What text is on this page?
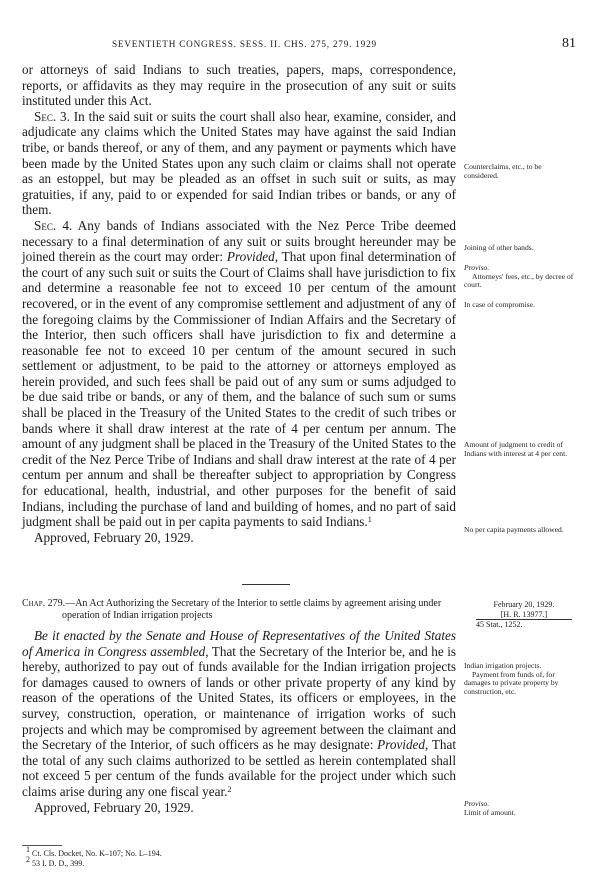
SEVENTIETH CONGRESS. SESS. II. CHS. 275, 279. 1929	81

or attorneys of said Indians to such treaties, papers, maps, correspondence, reports, or affidavits as they may require in the prosecution of any suit or suits instituted under this Act.

Sec. 3. In the said suit or suits the court shall also hear, examine, consider, and adjudicate any claims which the United States may have against the said Indian tribe, or bands thereof, or any of them, and any payment or payments which have been made by the United States upon any such claim or claims shall not operate as an estoppel, but may be pleaded as an offset in such suit or suits, as may gratuities, if any, paid to or expended for said Indian tribes or bands, or any of them.

Sec. 4. Any bands of Indians associated with the Nez Perce Tribe deemed necessary to a final determination of any suit or suits brought hereunder may be joined therein as the court may order: Provided, That upon final determination of the court of any such suit or suits the Court of Claims shall have jurisdiction to fix and determine a reasonable fee not to exceed 10 per centum of the amount recovered, or in the event of any compromise settlement and adjustment of any of the foregoing claims by the Commissioner of Indian Affairs and the Secretary of the Interior, then such officers shall have jurisdiction to fix and determine a reasonable fee not to exceed 10 per centum of the amount secured in such settlement or adjustment, to be paid to the attorney or attorneys employed as herein provided, and such fees shall be paid out of any sum or sums adjudged to be due said tribe or bands, or any of them, and the balance of such sum or sums shall be placed in the Treasury of the United States to the credit of such tribes or bands where it shall draw interest at the rate of 4 per centum per annum. The amount of any judgment shall be placed in the Treasury of the United States to the credit of the Nez Perce Tribe of Indians and shall draw interest at the rate of 4 per centum per annum and shall be thereafter subject to appropriation by Congress for educational, health, industrial, and other purposes for the benefit of said Indians, including the purchase of land and building of homes, and no part of said judgment shall be paid out in per capita payments to said Indians.$^1$

Approved, February 20, 1929.

Counterclaims, etc., to be considered.
Joining of other bands.
Proviso.
Attorneys' fees, etc., by decree of court.
In case of compromise.
Amount of judgment to credit of Indians with interest at 4 per cent.
No per capita payments allowed.

Chap. 279.—An Act Authorizing the Secretary of the Interior to settle claims by agreement arising under operation of Indian irrigation projects

February 20, 1929.
[H. R. 13977.]
45 Stat., 1252.

Be it enacted by the Senate and House of Representatives of the United States of America in Congress assembled, That the Secretary of the Interior be, and he is hereby, authorized to pay out of funds available for the Indian irrigation projects for damages caused to owners of lands or other private property of any kind by reason of the operations of the United States, its officers or employees, in the survey, construction, operation, or maintenance of irrigation works of such projects and which may be compromised by agreement between the claimant and the Secretary of the Interior, of such officers as he may designate: Provided, That the total of any such claims authorized to be settled as herein contemplated shall not exceed 5 per centum of the funds available for the project under which such claims arise during any one fiscal year.$^2$

Approved, February 20, 1929.

Indian irrigation projects.
Payment from funds of, for damages to private property by construction, etc.
Proviso.
Limit of amount.
$^1$ Ct. Cls. Docket, No. K–107; No. L–194.
$^2$ 53 I. D. D., 399.
